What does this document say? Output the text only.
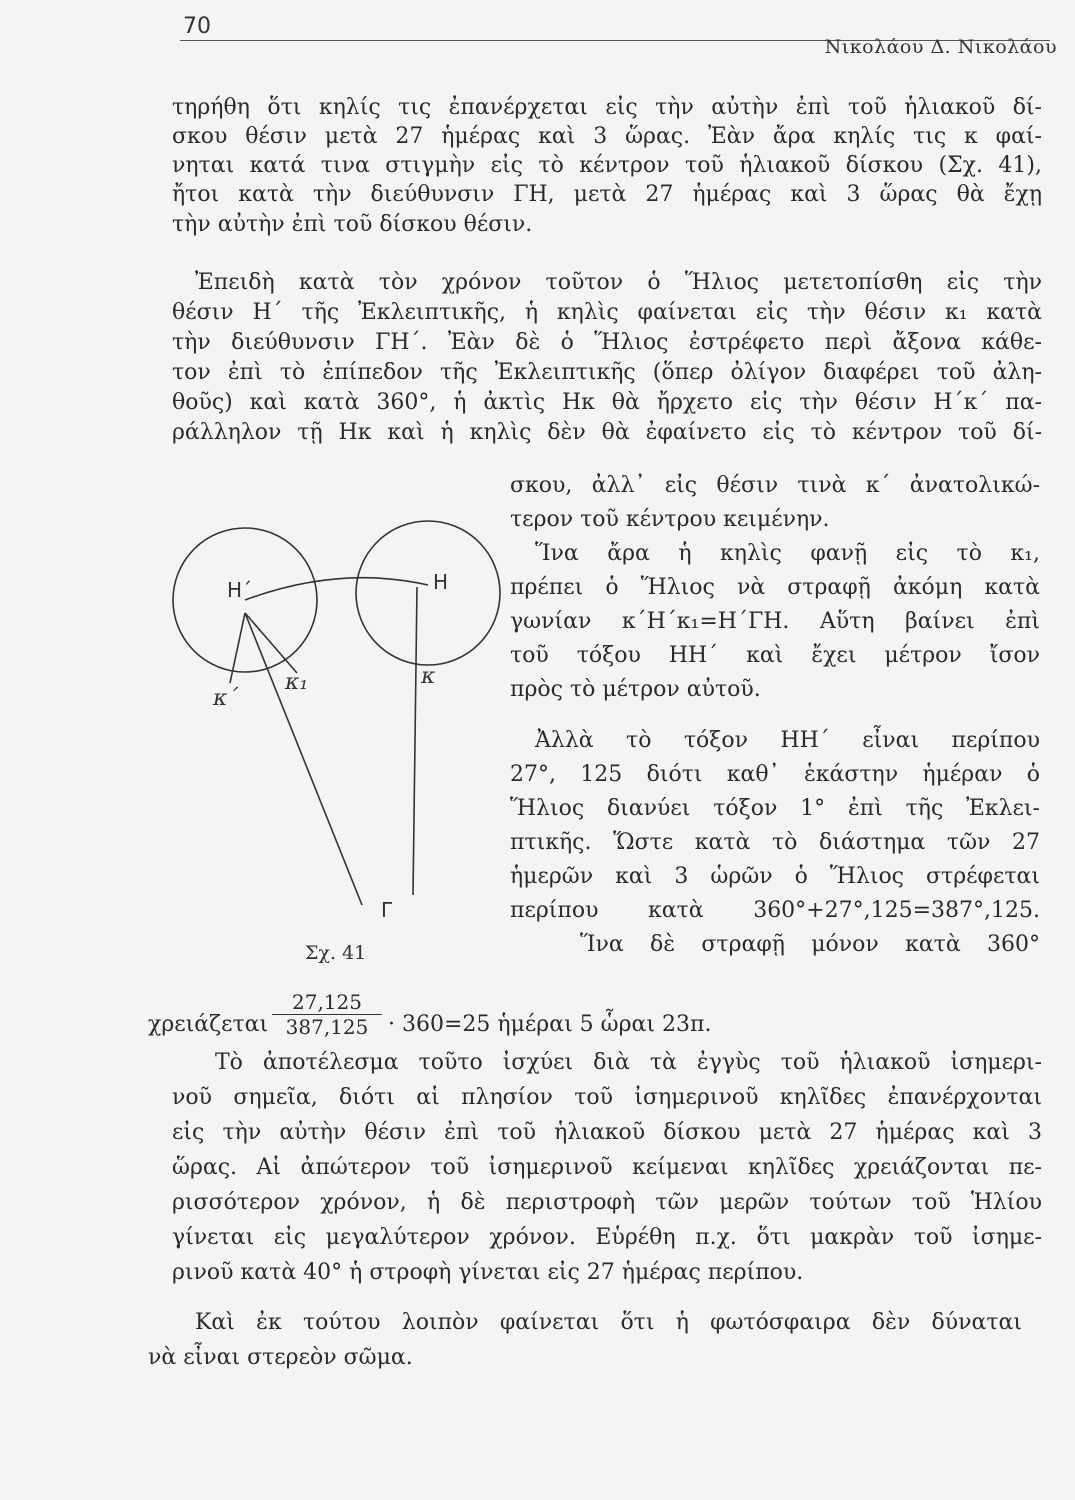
70
Νικολάου Δ. Νικολάου
τηρήθη ὅτι κηλίς τις ἐπανέρχεται εἰς τὴν αὐτὴν ἐπὶ τοῦ ἡλιακοῦ δί-
σκου θέσιν μετὰ 27 ἡμέρας καὶ 3 ὥρας. Ἐὰν ἄρα κηλίς τις κ φαί-
νηται κατά τινα στιγμὴν εἰς τὸ κέντρον τοῦ ἡλιακοῦ δίσκου (Σχ. 41),
ἤτοι κατὰ τὴν διεύθυνσιν ΓΗ, μετὰ 27 ἡμέρας καὶ 3 ὥρας θὰ ἔχῃ
τὴν αὐτὴν ἐπὶ τοῦ δίσκου θέσιν.
Ἐπειδὴ κατὰ τὸν χρόνον τοῦτον ὁ Ἥλιος μετετοπίσθη εἰς τὴν
θέσιν Η΄ τῆς Ἐκλειπτικῆς, ἡ κηλὶς φαίνεται εἰς τὴν θέσιν κ₁ κατὰ
τὴν διεύθυνσιν ΓΗ΄. Ἐὰν δὲ ὁ Ἥλιος ἐστρέφετο περὶ ἄξονα κάθε-
τον ἐπὶ τὸ ἐπίπεδον τῆς Ἐκλειπτικῆς (ὅπερ ὀλίγον διαφέρει τοῦ ἀλη-
θοῦς) καὶ κατὰ 360°, ἡ ἀκτὶς Ηκ θὰ ἤρχετο εἰς τὴν θέσιν Η΄κ΄ πα-
ράλληλον τῇ Ηκ καὶ ἡ κηλὶς δὲν θὰ ἐφαίνετο εἰς τὸ κέντρον τοῦ δί-
σκου, ἀλλ᾽ εἰς θέσιν τινὰ κ΄ ἀνατολικώ-
τερον τοῦ κέντρου κειμένην.
Ἵνα ἄρα ἡ κηλὶς φανῇ εἰς τὸ κ₁,
πρέπει ὁ Ἥλιος νὰ στραφῇ ἀκόμη κατὰ
γωνίαν κ΄Η΄κ₁=Η΄ΓΗ. Αὕτη βαίνει ἐπὶ
τοῦ τόξου ΗΗ΄ καὶ ἔχει μέτρον ἴσον
πρὸς τὸ μέτρον αὐτοῦ.
Ἀλλὰ τὸ τόξον ΗΗ΄ εἶναι περίπου
27°, 125 διότι καθ᾽ ἑκάστην ἡμέραν ὁ
Ἥλιος διανύει τόξον 1° ἐπὶ τῆς Ἐκλει-
πτικῆς. Ὥστε κατὰ τὸ διάστημα τῶν 27
ἡμερῶν καὶ 3 ὡρῶν ὁ Ἥλιος στρέφεται
περίπου κατὰ 360°+27°,125=387°,125.
Ἵνα δὲ στραφῇ μόνον κατὰ 360°
Η΄	Η
κ΄
κ₁	κ
Γ
Σχ. 41
χρειάζεται $\frac{27,125}{387,125} \cdot 360=25$ ἡμέραι 5 ὧραι 23π.
Τὸ ἀποτέλεσμα τοῦτο ἰσχύει διὰ τὰ ἐγγὺς τοῦ ἡλιακοῦ ἰσημερι-
νοῦ σημεῖα, διότι αἱ πλησίον τοῦ ἰσημερινοῦ κηλῖδες ἐπανέρχονται
εἰς τὴν αὐτὴν θέσιν ἐπὶ τοῦ ἡλιακοῦ δίσκου μετὰ 27 ἡμέρας καὶ 3
ὥρας. Αἱ ἀπώτερον τοῦ ἰσημερινοῦ κείμεναι κηλῖδες χρειάζονται πε-
ρισσότερον χρόνον, ἡ δὲ περιστροφὴ τῶν μερῶν τούτων τοῦ Ἡλίου
γίνεται εἰς μεγαλύτερον χρόνον. Εὑρέθη π.χ. ὅτι μακρὰν τοῦ ἰσημε-
ρινοῦ κατὰ 40° ἡ στροφὴ γίνεται εἰς 27 ἡμέρας περίπου.
Καὶ ἐκ τούτου λοιπὸν φαίνεται ὅτι ἡ φωτόσφαιρα δὲν δύναται
νὰ εἶναι στερεὸν σῶμα.
